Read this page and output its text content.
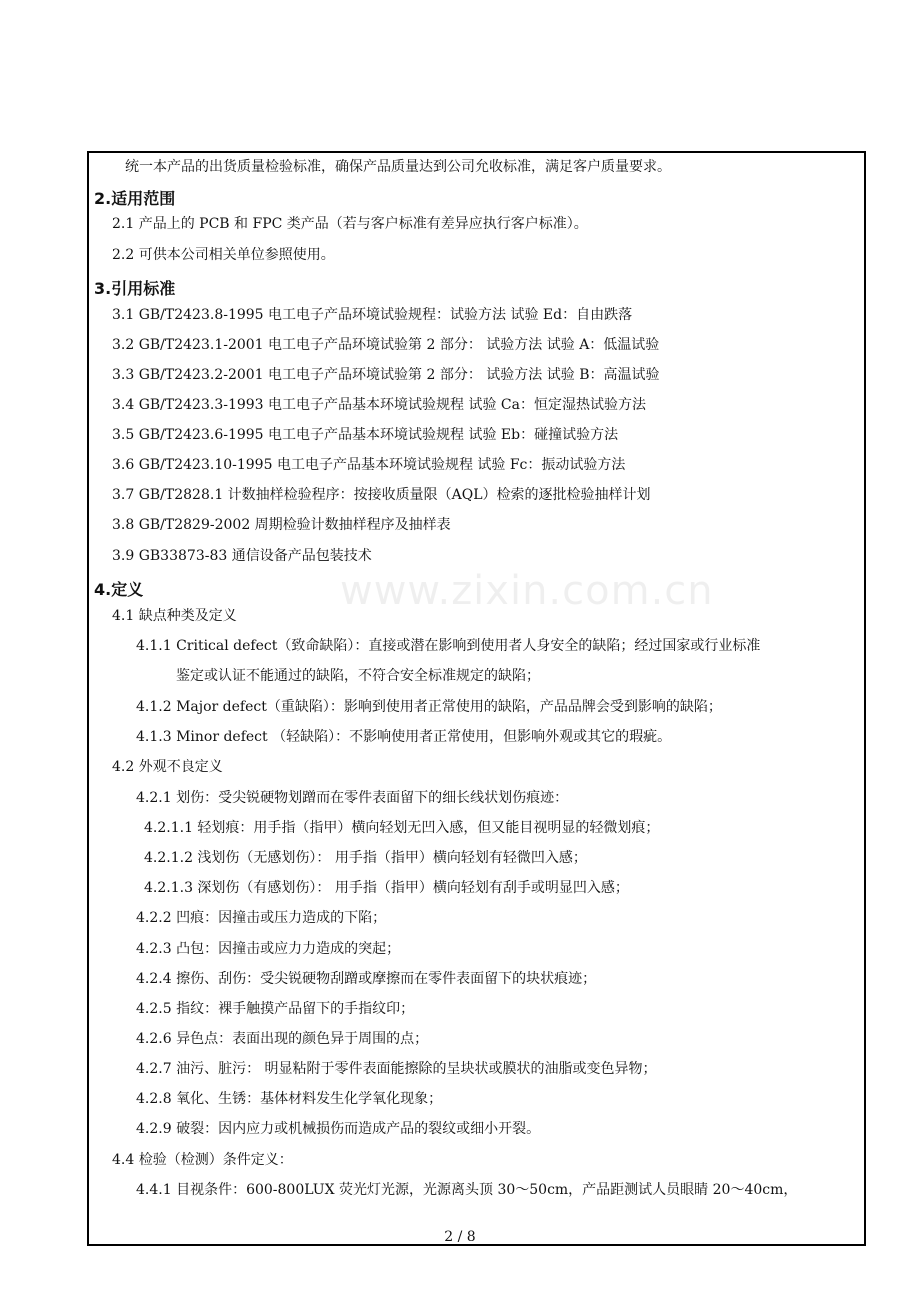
www.zixin.com.cn
统一本产品的出货质量检验标准，确保产品质量达到公司允收标准，满足客户质量要求。
2.适用范围
2.1 产品上的 PCB 和 FPC 类产品（若与客户标准有差异应执行客户标准）。
2.2 可供本公司相关单位参照使用。
3.引用标准
3.1 GB/T2423.8-1995 电工电子产品环境试验规程：试验方法 试验 Ed：自由跌落
3.2 GB/T2423.1-2001 电工电子产品环境试验第 2 部分： 试验方法 试验 A：低温试验
3.3 GB/T2423.2-2001 电工电子产品环境试验第 2 部分： 试验方法 试验 B：高温试验
3.4 GB/T2423.3-1993 电工电子产品基本环境试验规程 试验 Ca：恒定湿热试验方法
3.5 GB/T2423.6-1995 电工电子产品基本环境试验规程 试验 Eb：碰撞试验方法
3.6 GB/T2423.10-1995 电工电子产品基本环境试验规程 试验 Fc：振动试验方法
3.7 GB/T2828.1 计数抽样检验程序：按接收质量限（AQL）检索的逐批检验抽样计划
3.8 GB/T2829-2002 周期检验计数抽样程序及抽样表
3.9 GB33873-83 通信设备产品包装技术
4.定义
4.1 缺点种类及定义
4.1.1 Critical defect（致命缺陷）：直接或潜在影响到使用者人身安全的缺陷；经过国家或行业标准
鉴定或认证不能通过的缺陷，不符合安全标准规定的缺陷；
4.1.2 Major defect（重缺陷）：影响到使用者正常使用的缺陷，产品品牌会受到影响的缺陷；
4.1.3 Minor defect （轻缺陷）：不影响使用者正常使用，但影响外观或其它的瑕疵。
4.2 外观不良定义
4.2.1 划伤：受尖锐硬物划蹭而在零件表面留下的细长线状划伤痕迹：
4.2.1.1 轻划痕：用手指（指甲）横向轻划无凹入感，但又能目视明显的轻微划痕；
4.2.1.2 浅划伤（无感划伤）： 用手指（指甲）横向轻划有轻微凹入感；
4.2.1.3 深划伤（有感划伤）： 用手指（指甲）横向轻划有刮手或明显凹入感；
4.2.2 凹痕：因撞击或压力造成的下陷；
4.2.3 凸包：因撞击或应力力造成的突起；
4.2.4 擦伤、刮伤：受尖锐硬物刮蹭或摩擦而在零件表面留下的块状痕迹；
4.2.5 指纹：裸手触摸产品留下的手指纹印；
4.2.6 异色点：表面出现的颜色异于周围的点；
4.2.7 油污、脏污： 明显粘附于零件表面能擦除的呈块状或膜状的油脂或变色异物；
4.2.8 氧化、生锈：基体材料发生化学氧化现象；
4.2.9 破裂：因内应力或机械损伤而造成产品的裂纹或细小开裂。
4.4 检验（检测）条件定义：
4.4.1 目视条件：600-800LUX 荧光灯光源，光源离头顶 30～50cm，产品距测试人员眼睛 20～40cm，
2 / 8
